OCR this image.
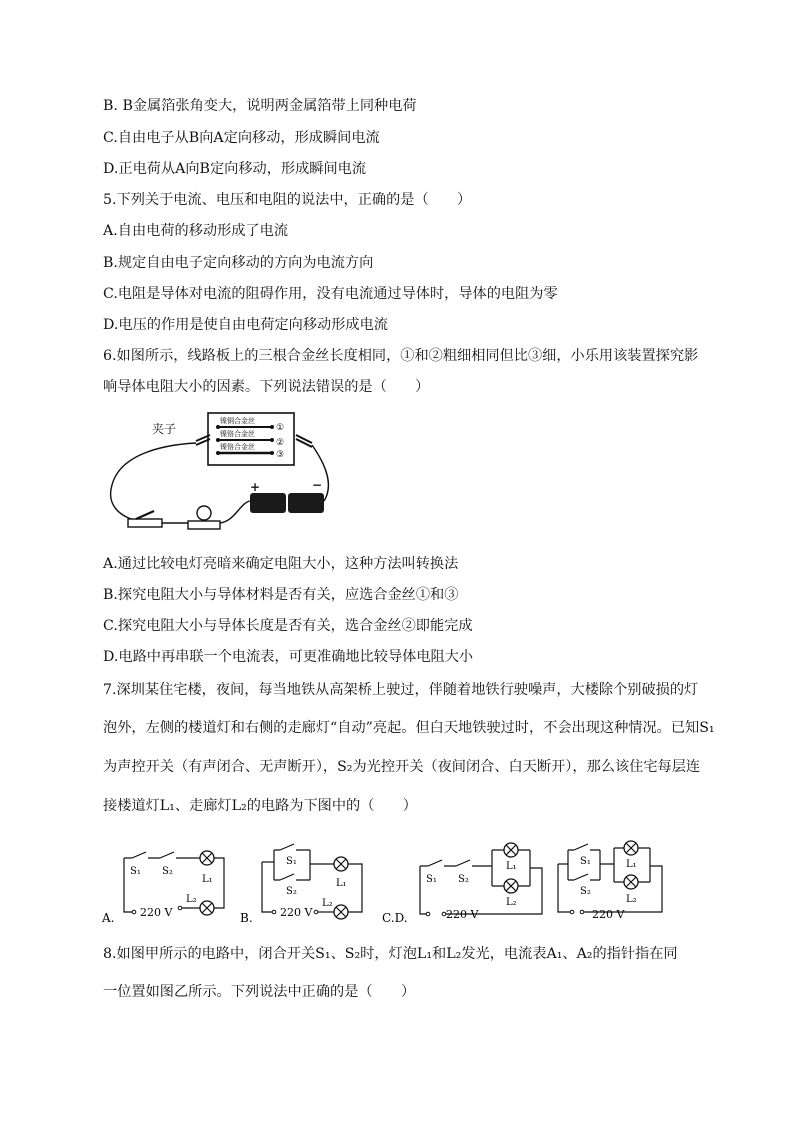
B. B金属箔张角变大，说明两金属箔带上同种电荷
C.自由电子从B向A定向移动，形成瞬间电流
D.正电荷从A向B定向移动，形成瞬间电流
5.下列关于电流、电压和电阻的说法中，正确的是（　　）
A.自由电荷的移动形成了电流
B.规定自由电子定向移动的方向为电流方向
C.电阻是导体对电流的阻碍作用，没有电流通过导体时，导体的电阻为零
D.电压的作用是使自由电荷定向移动形成电流
6.如图所示，线路板上的三根合金丝长度相同，①和②粗细相同但比③细，小乐用该装置探究影
响导体电阻大小的因素。下列说法错误的是（　　）
镍铜合金丝
镍铬合金丝
镍铬合金丝
①
②
③
夹子
+	−
A.通过比较电灯亮暗来确定电阻大小，这种方法叫转换法
B.探究电阻大小与导体材料是否有关，应选合金丝①和③
C.探究电阻大小与导体长度是否有关，选合金丝②即能完成
D.电路中再串联一个电流表，可更准确地比较导体电阻大小
7.深圳某住宅楼，夜间，每当地铁从高架桥上驶过，伴随着地铁行驶噪声，大楼除个别破损的灯
泡外，左侧的楼道灯和右侧的走廊灯“自动”亮起。但白天地铁驶过时，不会出现这种情况。已知S₁
为声控开关（有声闭合、无声断开），S₂为光控开关（夜间闭合、白天断开），那么该住宅每层连
接楼道灯L₁、走廊灯L₂的电路为下图中的（　　）
S₁ S₂
L₁
L₂
220 V
A.
S₁
S₂
L₁
L₂
220 V
B.
S₁ S₂
L₁
L₂
220 V
C.D.
S₁
S₂
L₁
L₂
220 V
8.如图甲所示的电路中，闭合开关S₁、S₂时，灯泡L₁和L₂发光，电流表A₁、A₂的指针指在同
一位置如图乙所示。下列说法中正确的是（　　）
